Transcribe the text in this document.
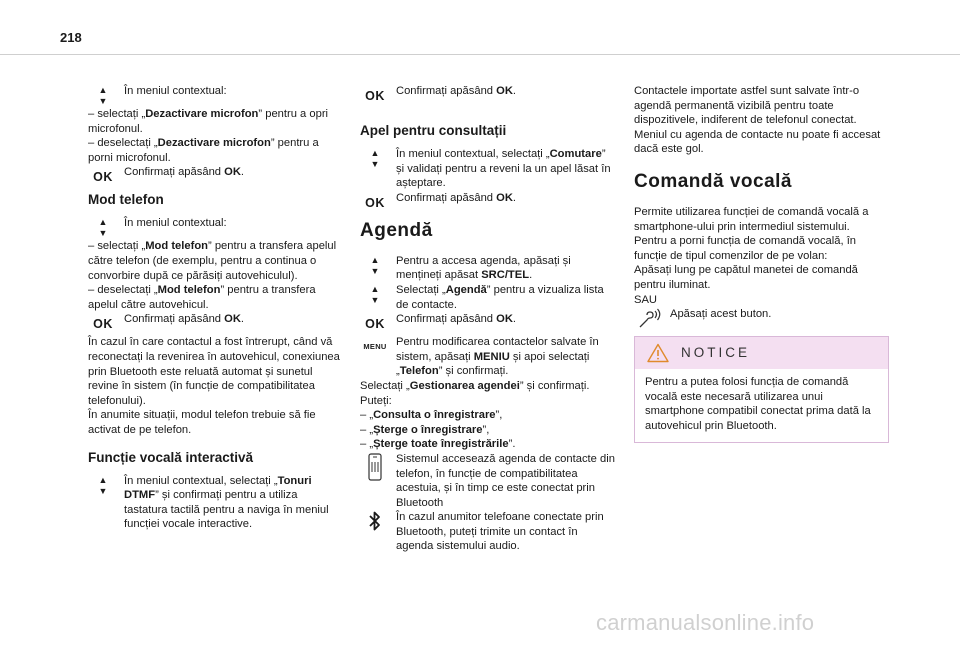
218
▲
▼
În meniul contextual:
– selectați „Dezactivare microfon” pentru a opri microfonul.
– deselectați „Dezactivare microfon” pentru a porni microfonul.
OK Confirmați apăsând OK.
Mod telefon
▲
▼
În meniul contextual:
– selectați „Mod telefon” pentru a transfera apelul către telefon (de exemplu, pentru a continua o convorbire după ce părăsiți autovehiculul).
– deselectați „Mod telefon” pentru a transfera apelul către autovehicul.
OK Confirmați apăsând OK.
În cazul în care contactul a fost întrerupt, când vă reconectați la revenirea în autovehicul, conexiunea prin Bluetooth este reluată automat și sunetul revine în sistem (în funcție de compatibilitatea telefonului).
În anumite situații, modul telefon trebuie să fie activat de pe telefon.
Funcție vocală interactivă
▲
▼
În meniul contextual, selectați „Tonuri DTMF” și confirmați pentru a utiliza tastatura tactilă pentru a naviga în meniul funcției vocale interactive.
OK Confirmați apăsând OK.
Apel pentru consultații
▲
▼
În meniul contextual, selectați „Comutare” și validați pentru a reveni la un apel lăsat în așteptare.
OK Confirmați apăsând OK.
Agendă
▲
▼
Pentru a accesa agenda, apăsați și mențineți apăsat SRC/TEL.
▲
▼
Selectați „Agendă” pentru a vizualiza lista de contacte.
OK Confirmați apăsând OK.
MENU Pentru modificarea contactelor salvate în sistem, apăsați MENIU și apoi selectați „Telefon” și confirmați.
Selectați „Gestionarea agendei” și confirmați.
Puteți:
– „Consulta o înregistrare”,
– „Șterge o înregistrare”,
– „Șterge toate înregistrările”.
Sistemul accesează agenda de contacte din telefon, în funcție de compatibilitatea acestuia, și în timp ce este conectat prin Bluetooth
În cazul anumitor telefoane conectate prin Bluetooth, puteți trimite un contact în agenda sistemului audio.
Contactele importate astfel sunt salvate într-o agendă permanentă vizibilă pentru toate dispozitivele, indiferent de telefonul conectat.
Meniul cu agenda de contacte nu poate fi accesat dacă este gol.
Comandă vocală
Permite utilizarea funcției de comandă vocală a smartphone-ului prin intermediul sistemului.
Pentru a porni funcția de comandă vocală, în funcție de tipul comenzilor de pe volan:
Apăsați lung pe capătul manetei de comandă pentru iluminat.
SAU
Apăsați acest buton.
NOTICE
Pentru a putea folosi funcția de comandă vocală este necesară utilizarea unui smartphone compatibil conectat prima dată la autovehicul prin Bluetooth.
carmanualsonline.info
